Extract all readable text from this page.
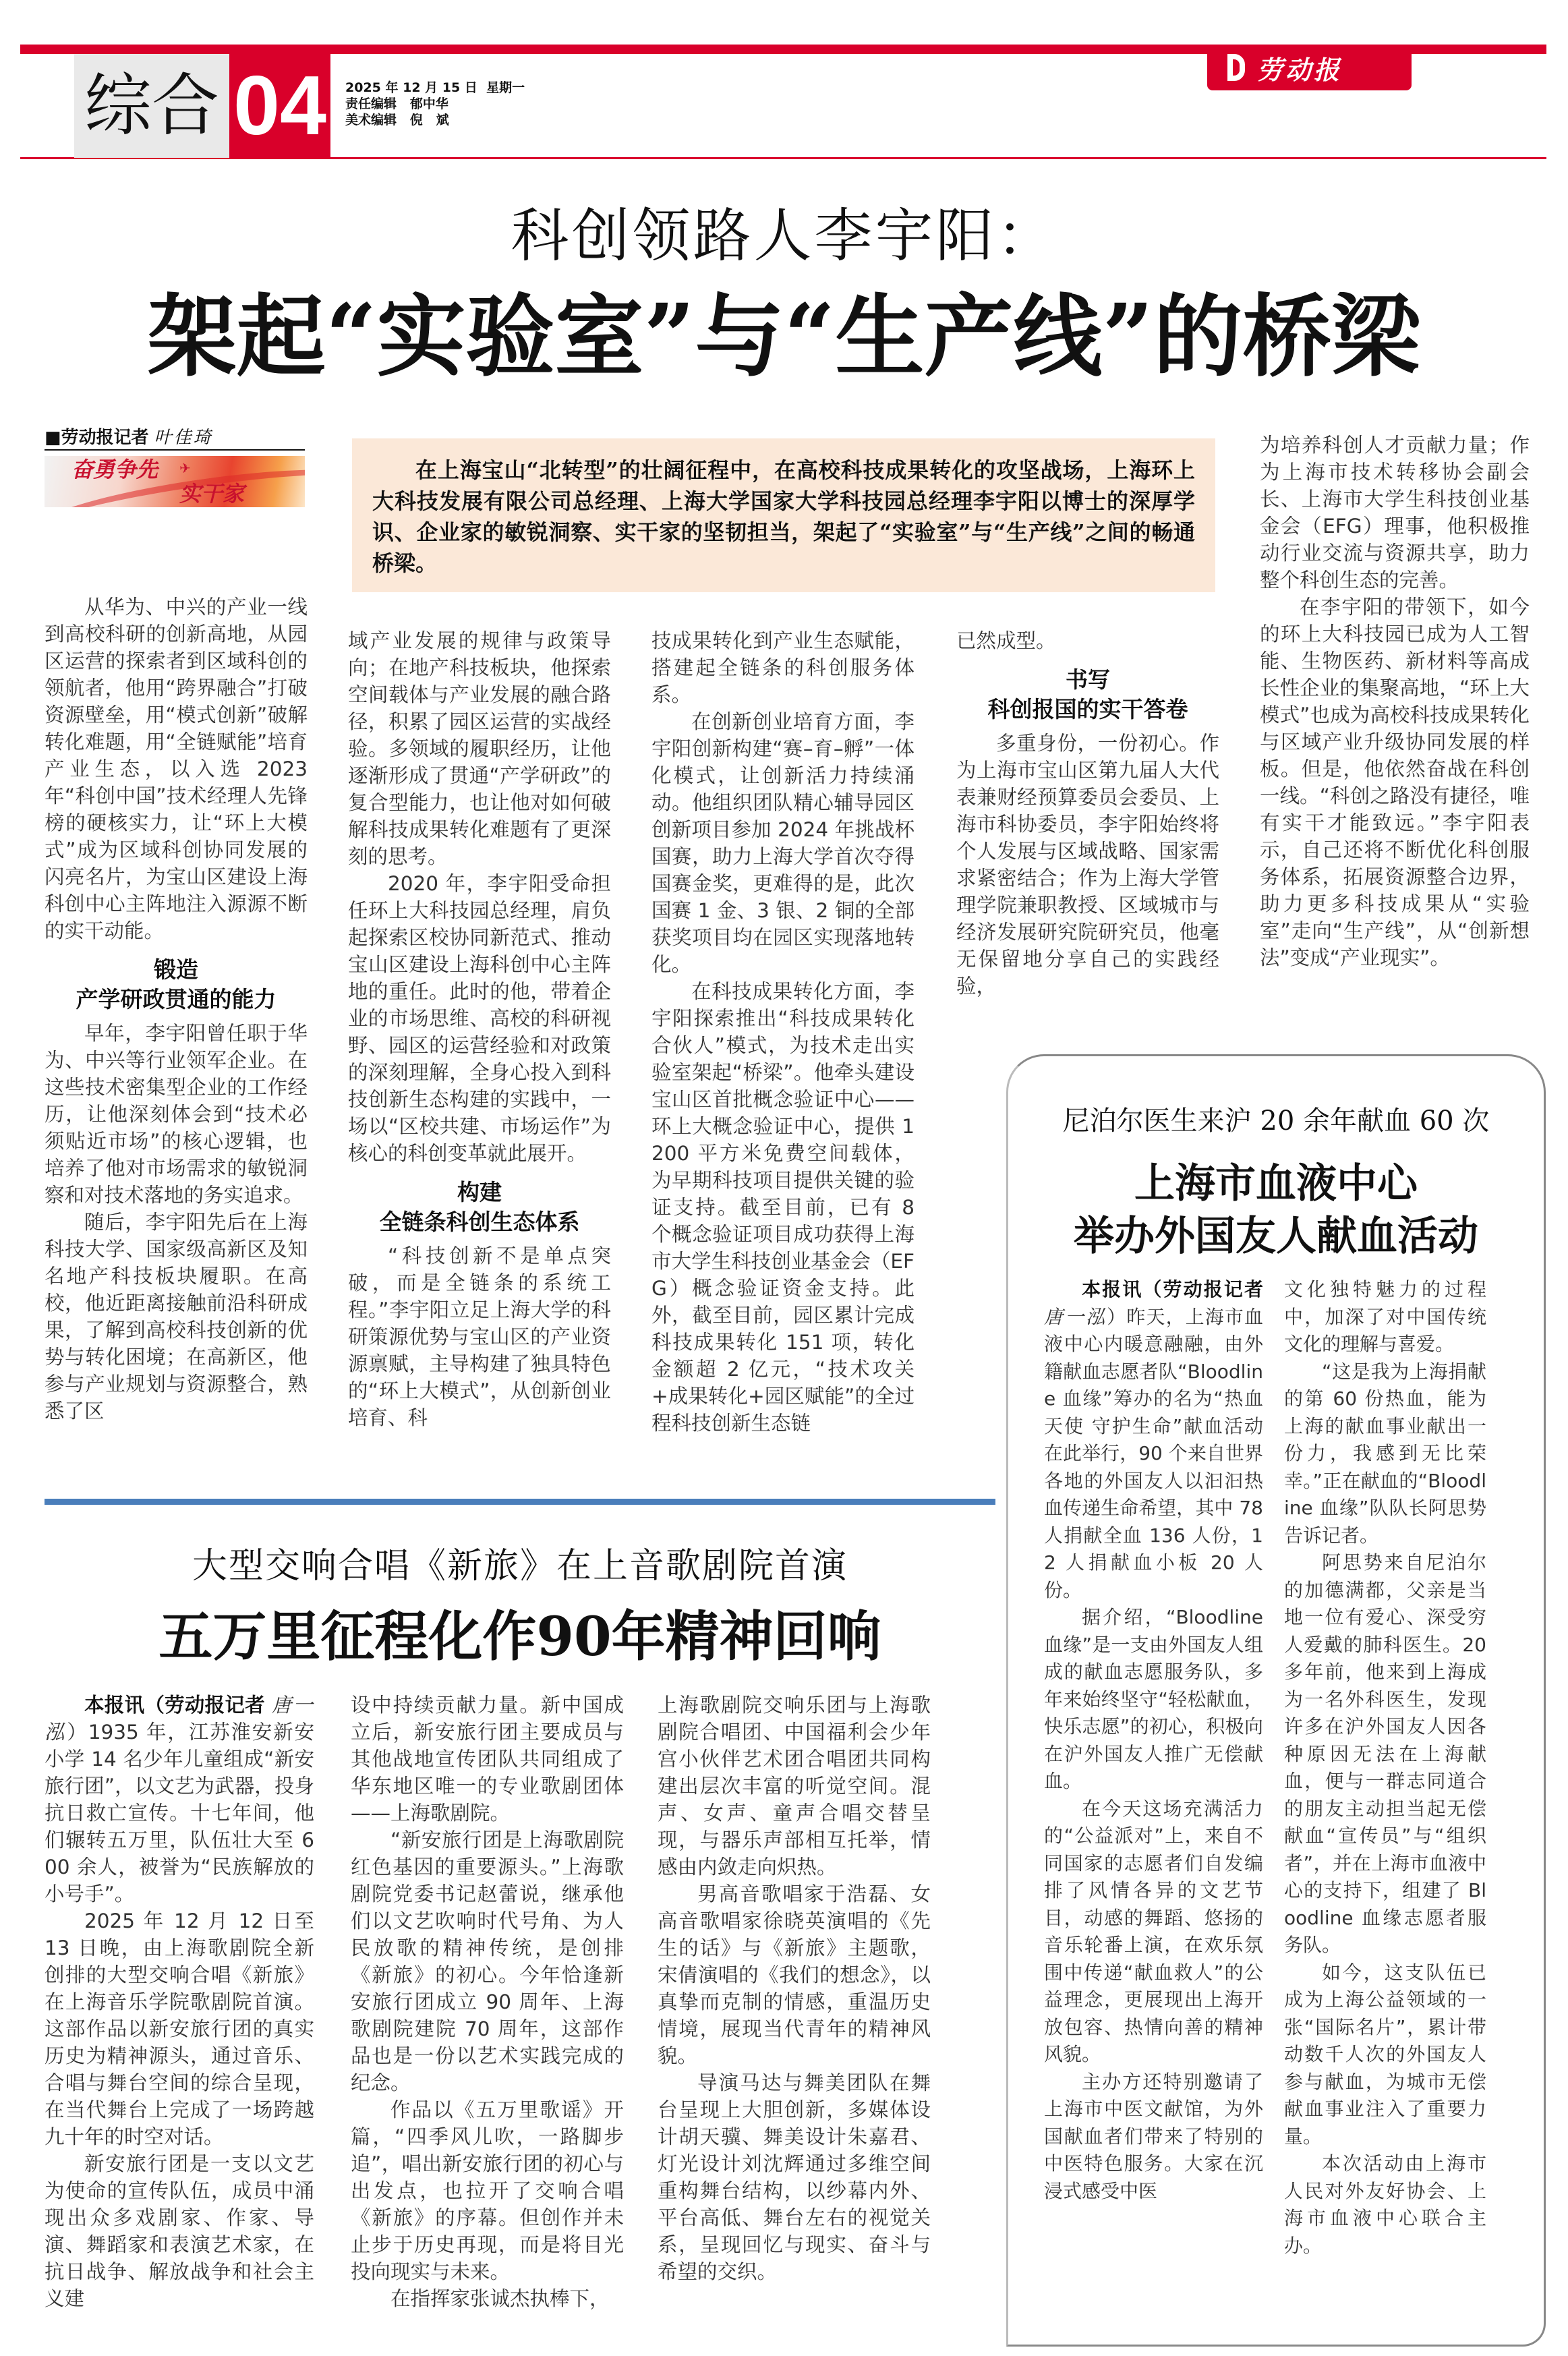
综合 04	2025 年 12 月 15 日  星期一
责任编辑   郁中华
美术编辑   倪   斌
劳动报
科创领路人李宇阳：
架起“实验室”与“生产线”的桥梁
■劳动报记者 叶佳琦
奋勇争先 ✈
实干家
在上海宝山“北转型”的壮阔征程中，在高校科技成果转化的攻坚战场，上海环上大科技发展有限公司总经理、上海大学国家大学科技园总经理李宇阳以博士的深厚学识、企业家的敏锐洞察、实干家的坚韧担当，架起了“实验室”与“生产线”之间的畅通桥梁。

从华为、中兴的产业一线到高校科研的创新高地，从园区运营的探索者到区域科创的领航者，他用“跨界融合”打破资源壁垒，用“模式创新”破解转化难题，用“全链赋能”培育产业生态，以入选 2023 年“科创中国”技术经理人先锋榜的硬核实力，让“环上大模式”成为区域科创协同发展的闪亮名片，为宝山区建设上海科创中心主阵地注入源源不断的实干动能。

锻造
产学研政贯通的能力

早年，李宇阳曾任职于华为、中兴等行业领军企业。在这些技术密集型企业的工作经历，让他深刻体会到“技术必须贴近市场”的核心逻辑，也培养了他对市场需求的敏锐洞察和对技术落地的务实追求。

随后，李宇阳先后在上海科技大学、国家级高新区及知名地产科技板块履职。在高校，他近距离接触前沿科研成果，了解到高校科技创新的优势与转化困境；在高新区，他参与产业规划与资源整合，熟悉了区

域产业发展的规律与政策导向；在地产科技板块，他探索空间载体与产业发展的融合路径，积累了园区运营的实战经验。多领域的履职经历，让他逐渐形成了贯通“产学研政”的复合型能力，也让他对如何破解科技成果转化难题有了更深刻的思考。

2020 年，李宇阳受命担任环上大科技园总经理，肩负起探索区校协同新范式、推动宝山区建设上海科创中心主阵地的重任。此时的他，带着企业的市场思维、高校的科研视野、园区的运营经验和对政策的深刻理解，全身心投入到科技创新生态构建的实践中，一场以“区校共建、市场运作”为核心的科创变革就此展开。

构建
全链条科创生态体系

“科技创新不是单点突破，而是全链条的系统工程。”李宇阳立足上海大学的科研策源优势与宝山区的产业资源禀赋，主导构建了独具特色的“环上大模式”，从创新创业培育、科

技成果转化到产业生态赋能，搭建起全链条的科创服务体系。

在创新创业培育方面，李宇阳创新构建“赛–育–孵”一体化模式，让创新活力持续涌动。他组织团队精心辅导园区创新项目参加 2024 年挑战杯国赛，助力上海大学首次夺得国赛金奖，更难得的是，此次国赛 1 金、3 银、2 铜的全部获奖项目均在园区实现落地转化。

在科技成果转化方面，李宇阳探索推出“科技成果转化合伙人”模式，为技术走出实验室架起“桥梁”。他牵头建设宝山区首批概念验证中心——环上大概念验证中心，提供 1200 平方米免费空间载体，为早期科技项目提供关键的验证支持。截至目前，已有 8 个概念验证项目成功获得上海市大学生科技创业基金会（EFG）概念验证资金支持。此外，截至目前，园区累计完成科技成果转化 151 项，转化金额超 2 亿元，“技术攻关+成果转化+园区赋能”的全过程科技创新生态链

已然成型。

书写
科创报国的实干答卷

多重身份，一份初心。作为上海市宝山区第九届人大代表兼财经预算委员会委员、上海市科协委员，李宇阳始终将个人发展与区域战略、国家需求紧密结合；作为上海大学管理学院兼职教授、区域城市与经济发展研究院研究员，他毫无保留地分享自己的实践经验，

为培养科创人才贡献力量；作为上海市技术转移协会副会长、上海市大学生科技创业基金会（EFG）理事，他积极推动行业交流与资源共享，助力整个科创生态的完善。

在李宇阳的带领下，如今的环上大科技园已成为人工智能、生物医药、新材料等高成长性企业的集聚高地，“环上大模式”也成为高校科技成果转化与区域产业升级协同发展的样板。但是，他依然奋战在科创一线。“科创之路没有捷径，唯有实干才能致远。”李宇阳表示，自己还将不断优化科创服务体系，拓展资源整合边界，助力更多科技成果从“实验室”走向“生产线”，从“创新想法”变成“产业现实”。

大型交响合唱《新旅》在上音歌剧院首演
五万里征程化作90年精神回响

本报讯（劳动报记者 唐一泓）1935 年，江苏淮安新安小学 14 名少年儿童组成“新安旅行团”，以文艺为武器，投身抗日救亡宣传。十七年间，他们辗转五万里，队伍壮大至 600 余人，被誉为“民族解放的小号手”。

2025 年 12 月 12 日至 13 日晚，由上海歌剧院全新创排的大型交响合唱《新旅》在上海音乐学院歌剧院首演。这部作品以新安旅行团的真实历史为精神源头，通过音乐、合唱与舞台空间的综合呈现，在当代舞台上完成了一场跨越九十年的时空对话。

新安旅行团是一支以文艺为使命的宣传队伍，成员中涌现出众多戏剧家、作家、导演、舞蹈家和表演艺术家，在抗日战争、解放战争和社会主义建

设中持续贡献力量。新中国成立后，新安旅行团主要成员与其他战地宣传团队共同组成了华东地区唯一的专业歌剧团体——上海歌剧院。

“新安旅行团是上海歌剧院红色基因的重要源头。”上海歌剧院党委书记赵蕾说，继承他们以文艺吹响时代号角、为人民放歌的精神传统，是创排《新旅》的初心。今年恰逢新安旅行团成立 90 周年、上海歌剧院建院 70 周年，这部作品也是一份以艺术实践完成的纪念。

作品以《五万里歌谣》开篇，“四季风儿吹，一路脚步追”，唱出新安旅行团的初心与出发点，也拉开了交响合唱《新旅》的序幕。但创作并未止步于历史再现，而是将目光投向现实与未来。

在指挥家张诚杰执棒下，

上海歌剧院交响乐团与上海歌剧院合唱团、中国福利会少年宫小伙伴艺术团合唱团共同构建出层次丰富的听觉空间。混声、女声、童声合唱交替呈现，与器乐声部相互托举，情感由内敛走向炽热。

男高音歌唱家于浩磊、女高音歌唱家徐晓英演唱的《先生的话》与《新旅》主题歌，宋倩演唱的《我们的想念》，以真挚而克制的情感，重温历史情境，展现当代青年的精神风貌。

导演马达与舞美团队在舞台呈现上大胆创新，多媒体设计胡天骥、舞美设计朱嘉君、灯光设计刘沈辉通过多维空间重构舞台结构，以纱幕内外、平台高低、舞台左右的视觉关系，呈现回忆与现实、奋斗与希望的交织。

尼泊尔医生来沪 20 余年献血 60 次
上海市血液中心
举办外国友人献血活动

本报讯（劳动报记者 唐一泓）昨天，上海市血液中心内暖意融融，由外籍献血志愿者队“Bloodline 血缘”筹办的名为“热血天使 守护生命”献血活动在此举行，90 个来自世界各地的外国友人以汩汩热血传递生命希望，其中 78 人捐献全血 136 人份，12 人捐献血小板 20 人份。

据介绍，“Bloodline 血缘”是一支由外国友人组成的献血志愿服务队，多年来始终坚守“轻松献血，快乐志愿”的初心，积极向在沪外国友人推广无偿献血。

在今天这场充满活力的“公益派对”上，来自不同国家的志愿者们自发编排了风情各异的文艺节目，动感的舞蹈、悠扬的音乐轮番上演，在欢乐氛围中传递“献血救人”的公益理念，更展现出上海开放包容、热情向善的精神风貌。

主办方还特别邀请了上海市中医文献馆，为外国献血者们带来了特别的中医特色服务。大家在沉浸式感受中医

文化独特魅力的过程中，加深了对中国传统文化的理解与喜爱。

“这是我为上海捐献的第 60 份热血，能为上海的献血事业献出一份力，我感到无比荣幸。”正在献血的“Bloodline 血缘”队队长阿思势告诉记者。

阿思势来自尼泊尔的加德满都，父亲是当地一位有爱心、深受穷人爱戴的肺科医生。20 多年前，他来到上海成为一名外科医生，发现许多在沪外国友人因各种原因无法在上海献血，便与一群志同道合的朋友主动担当起无偿献血“宣传员”与“组织者”，并在上海市血液中心的支持下，组建了 Bloodline 血缘志愿者服务队。

如今，这支队伍已成为上海公益领域的一张“国际名片”，累计带动数千人次的外国友人参与献血，为城市无偿献血事业注入了重要力量。

本次活动由上海市人民对外友好协会、上海市血液中心联合主办。
